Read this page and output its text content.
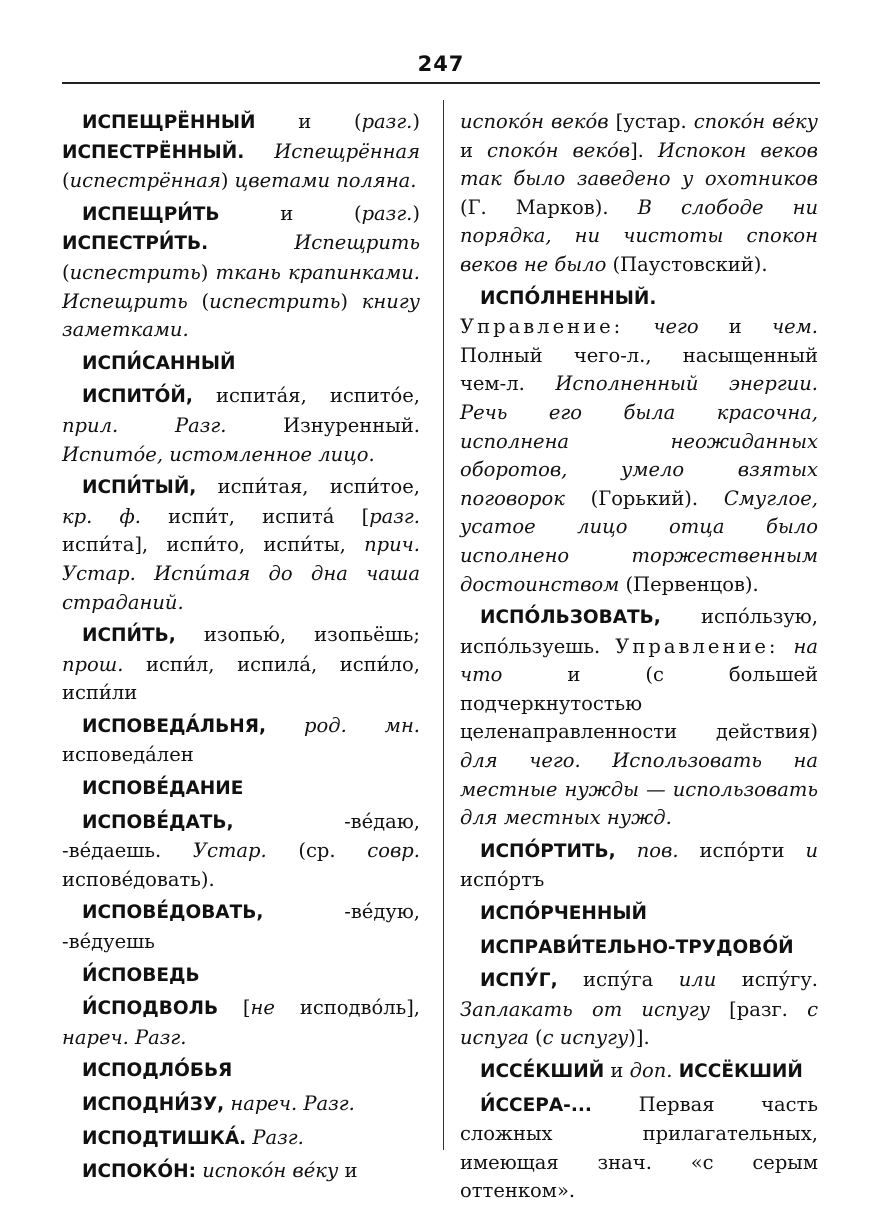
247

ИСПЕЩРЁННЫЙ и (разг.) ИСПЕСТРЁННЫЙ. Испещрённая (испестрённая) цветами поляна.

ИСПЕЩРИ́ТЬ и (разг.) ИСПЕСТРИ́ТЬ.	Испещрить (испестрить) ткань крапинками. Испещрить (испестрить) книгу заметками.

ИСПИ́САННЫЙ

ИСПИТО́Й, испита́я, испито́е, прил. Разг. Изнуренный. Испито́е, истомленное лицо.

ИСПИ́ТЫЙ, испи́тая, испи́тое, кр. ф. испи́т, испита́ [разг. испи́та], испи́то, испи́ты, прич. Устар. Испи́тая до дна чаша страданий.

ИСПИ́ТЬ, изопью́, изопьёшь; прош. испи́л, испила́, испи́ло, испи́ли

ИСПОВЕДА́ЛЬНЯ, род. мн. исповеда́лен

ИСПОВЕ́ДАНИЕ

ИСПОВЕ́ДАТЬ, -ве́даю, -ве́даешь. Устар. (ср. совр. испове́довать).

ИСПОВЕ́ДОВАТЬ, -ве́дую, -ве́дуешь

И́СПОВЕДЬ

И́СПОДВОЛЬ [не исподво́ль], нареч. Разг.

ИСПОДЛО́БЬЯ

ИСПОДНИ́ЗУ, нареч. Разг.

ИСПОДТИШКА́. Разг.

ИСПОКО́Н: испоко́н ве́ку и

испоко́н веко́в [устар. споко́н ве́ку и споко́н веко́в]. Испокон веков так было заведено у охотников (Г. Марков). В слободе ни порядка, ни чистоты спокон веков не было (Паустовский).

ИСПО́ЛНЕННЫЙ. Управление: чего и чем. Полный чего-л., насыщенный чем-л. Исполненный энергии. Речь его была красочна, исполнена неожиданных оборотов, умело взятых поговорок (Горький). Смуглое, усатое лицо отца было исполнено торжественным достоинством (Первенцов).

ИСПО́ЛЬЗОВАТЬ, испо́льзую, испо́льзуешь. Управление: на что и (с большей подчеркнутостью целенаправленности действия) для чего. Использовать на местные нужды — использовать для местных нужд.

ИСПО́РТИТЬ, пов. испо́рти и испо́ртъ

ИСПО́РЧЕННЫЙ

ИСПРАВИ́ТЕЛЬНО-ТРУДОВО́Й

ИСПУ́Г, испу́га или испу́гу. Заплакать от испугу [разг. с испуга (с испугу)].

ИССЕ́КШИЙ и доп. ИССЁКШИЙ

И́ССЕРА-... Первая часть сложных прилагательных, имеющая знач. «с серым оттенком».
